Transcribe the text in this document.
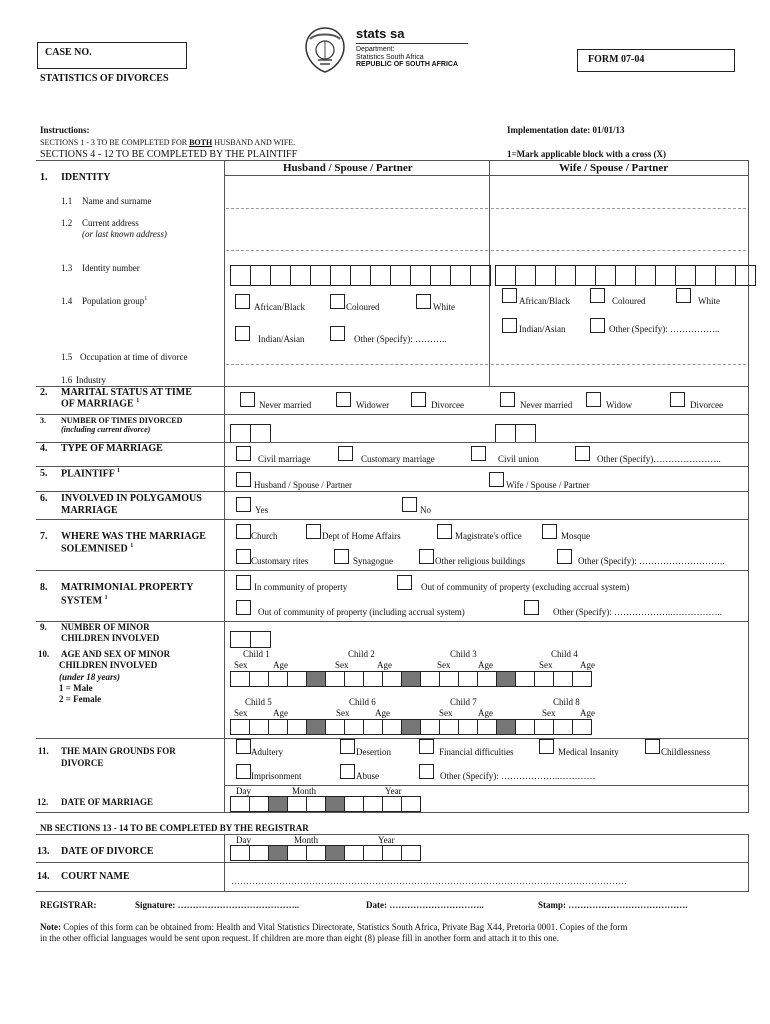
CASE NO.
FORM 07-04
STATISTICS OF DIVORCES
stats sa
Department:
Statistics South Africa
REPUBLIC OF SOUTH AFRICA
Instructions:
SECTIONS 1 - 3 TO BE COMPLETED FOR BOTH HUSBAND AND WIFE.
SECTIONS 4 - 12 TO BE COMPLETED BY THE PLAINTIFF
Implementation date: 01/01/13
1=Mark applicable block with a cross (X)
Husband / Spouse / Partner	Wife / Spouse / Partner
1. IDENTITY
1.1 Name and surname
1.2 Current address
(or last known address)
1.3 Identity number
1.4 Population group$^1$
African/Black	Coloured	White
Indian/Asian	Other (Specify): ………..
African/Black	Coloured	White
Indian/Asian	Other (Specify): ……………..
1.5 Occupation at time of divorce
1.6 Industry
2. MARITAL STATUS AT TIME
OF MARRIAGE $^1$	Never married	Widower	Divorcee	Never married	Widow	Divorcee
3. NUMBER OF TIMES DIVORCED
(including current divorce)
4. TYPE OF MARRIAGE
Civil marriage	Customary marriage	Civil union	Other (Specify)…………………..
5. PLAINTIFF $^1$
Husband / Spouse / Partner	Wife / Spouse / Partner
6. INVOLVED IN POLYGAMOUS
MARRIAGE	Yes	No
7. WHERE WAS THE MARRIAGE
SOLEMNISED $^1$
Church	Dept of Home Affairs	Magistrate's office	Mosque
Customary rites	Synagogue	Other religious buildings	Other (Specify): ………………………..
8. MATRIMONIAL PROPERTY
SYSTEM $^1$
In community of property	Out of community of property (excluding accrual system)
Out of community of property (including accrual system)	Other (Specify): ………………..……………..
9. NUMBER OF MINOR
CHILDREN INVOLVED
10. AGE AND SEX OF MINOR
CHILDREN INVOLVED
(under 18 years)
1 = Male
2 = Female
Child 1	Child 2	Child 3	Child 4
Sex	Age	Sex	Age	Sex	Age	Sex	Age
Child 5	Child 6	Child 7	Child 8
Sex	Age	Sex	Age	Sex	Age	Sex	Age
11. THE MAIN GROUNDS FOR
DIVORCE
Adultery	Desertion	Financial difficulties	Medical Insanity	Childlessness
Imprisonment	Abuse	Other (Specify): ………………..…………
Day	Month	Year
12. DATE OF MARRIAGE
NB SECTIONS 13 - 14 TO BE COMPLETED BY THE REGISTRAR
Day	Month	Year
13. DATE OF DIVORCE
14. COURT NAME	……………………………………………………………………………………………………………………
REGISTRAR:	Signature: …………………………………..	Date: …………………………..	Stamp: ………………………………….
Note: Copies of this form can be obtained from: Health and Vital Statistics Directorate, Statistics South Africa, Private Bag X44, Pretoria 0001. Copies of the form
in the other official languages would be sent upon request. If children are more than eight (8) please fill in another form and attach it to this one.
